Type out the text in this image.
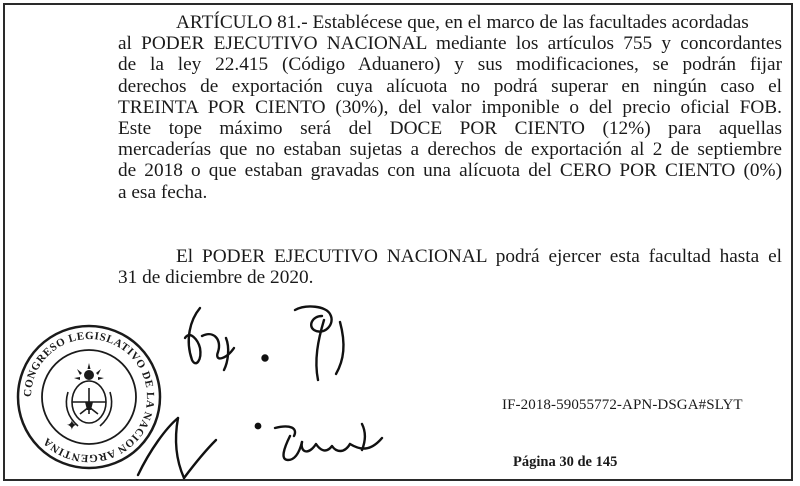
ARTÍCULO 81.- Establécese que, en el marco de las facultades acordadas
al PODER EJECUTIVO NACIONAL mediante los artículos 755 y concordantes
de la ley 22.415 (Código Aduanero) y sus modificaciones, se podrán fijar
derechos de exportación cuya alícuota no podrá superar en ningún caso el
TREINTA POR CIENTO (30%), del valor imponible o del precio oficial FOB.
Este tope máximo será del DOCE POR CIENTO (12%) para aquellas
mercaderías que no estaban sujetas a derechos de exportación al 2 de septiembre
de 2018 o que estaban gravadas con una alícuota del CERO POR CIENTO (0%)
a esa fecha.
El PODER EJECUTIVO NACIONAL podrá ejercer esta facultad hasta el
31 de diciembre de 2020.
CONGRESO LEGISLATIVO DE LA NACION ARGENTINA
✦
IF-2018-59055772-APN-DSGA#SLYT
Página 30 de 145
